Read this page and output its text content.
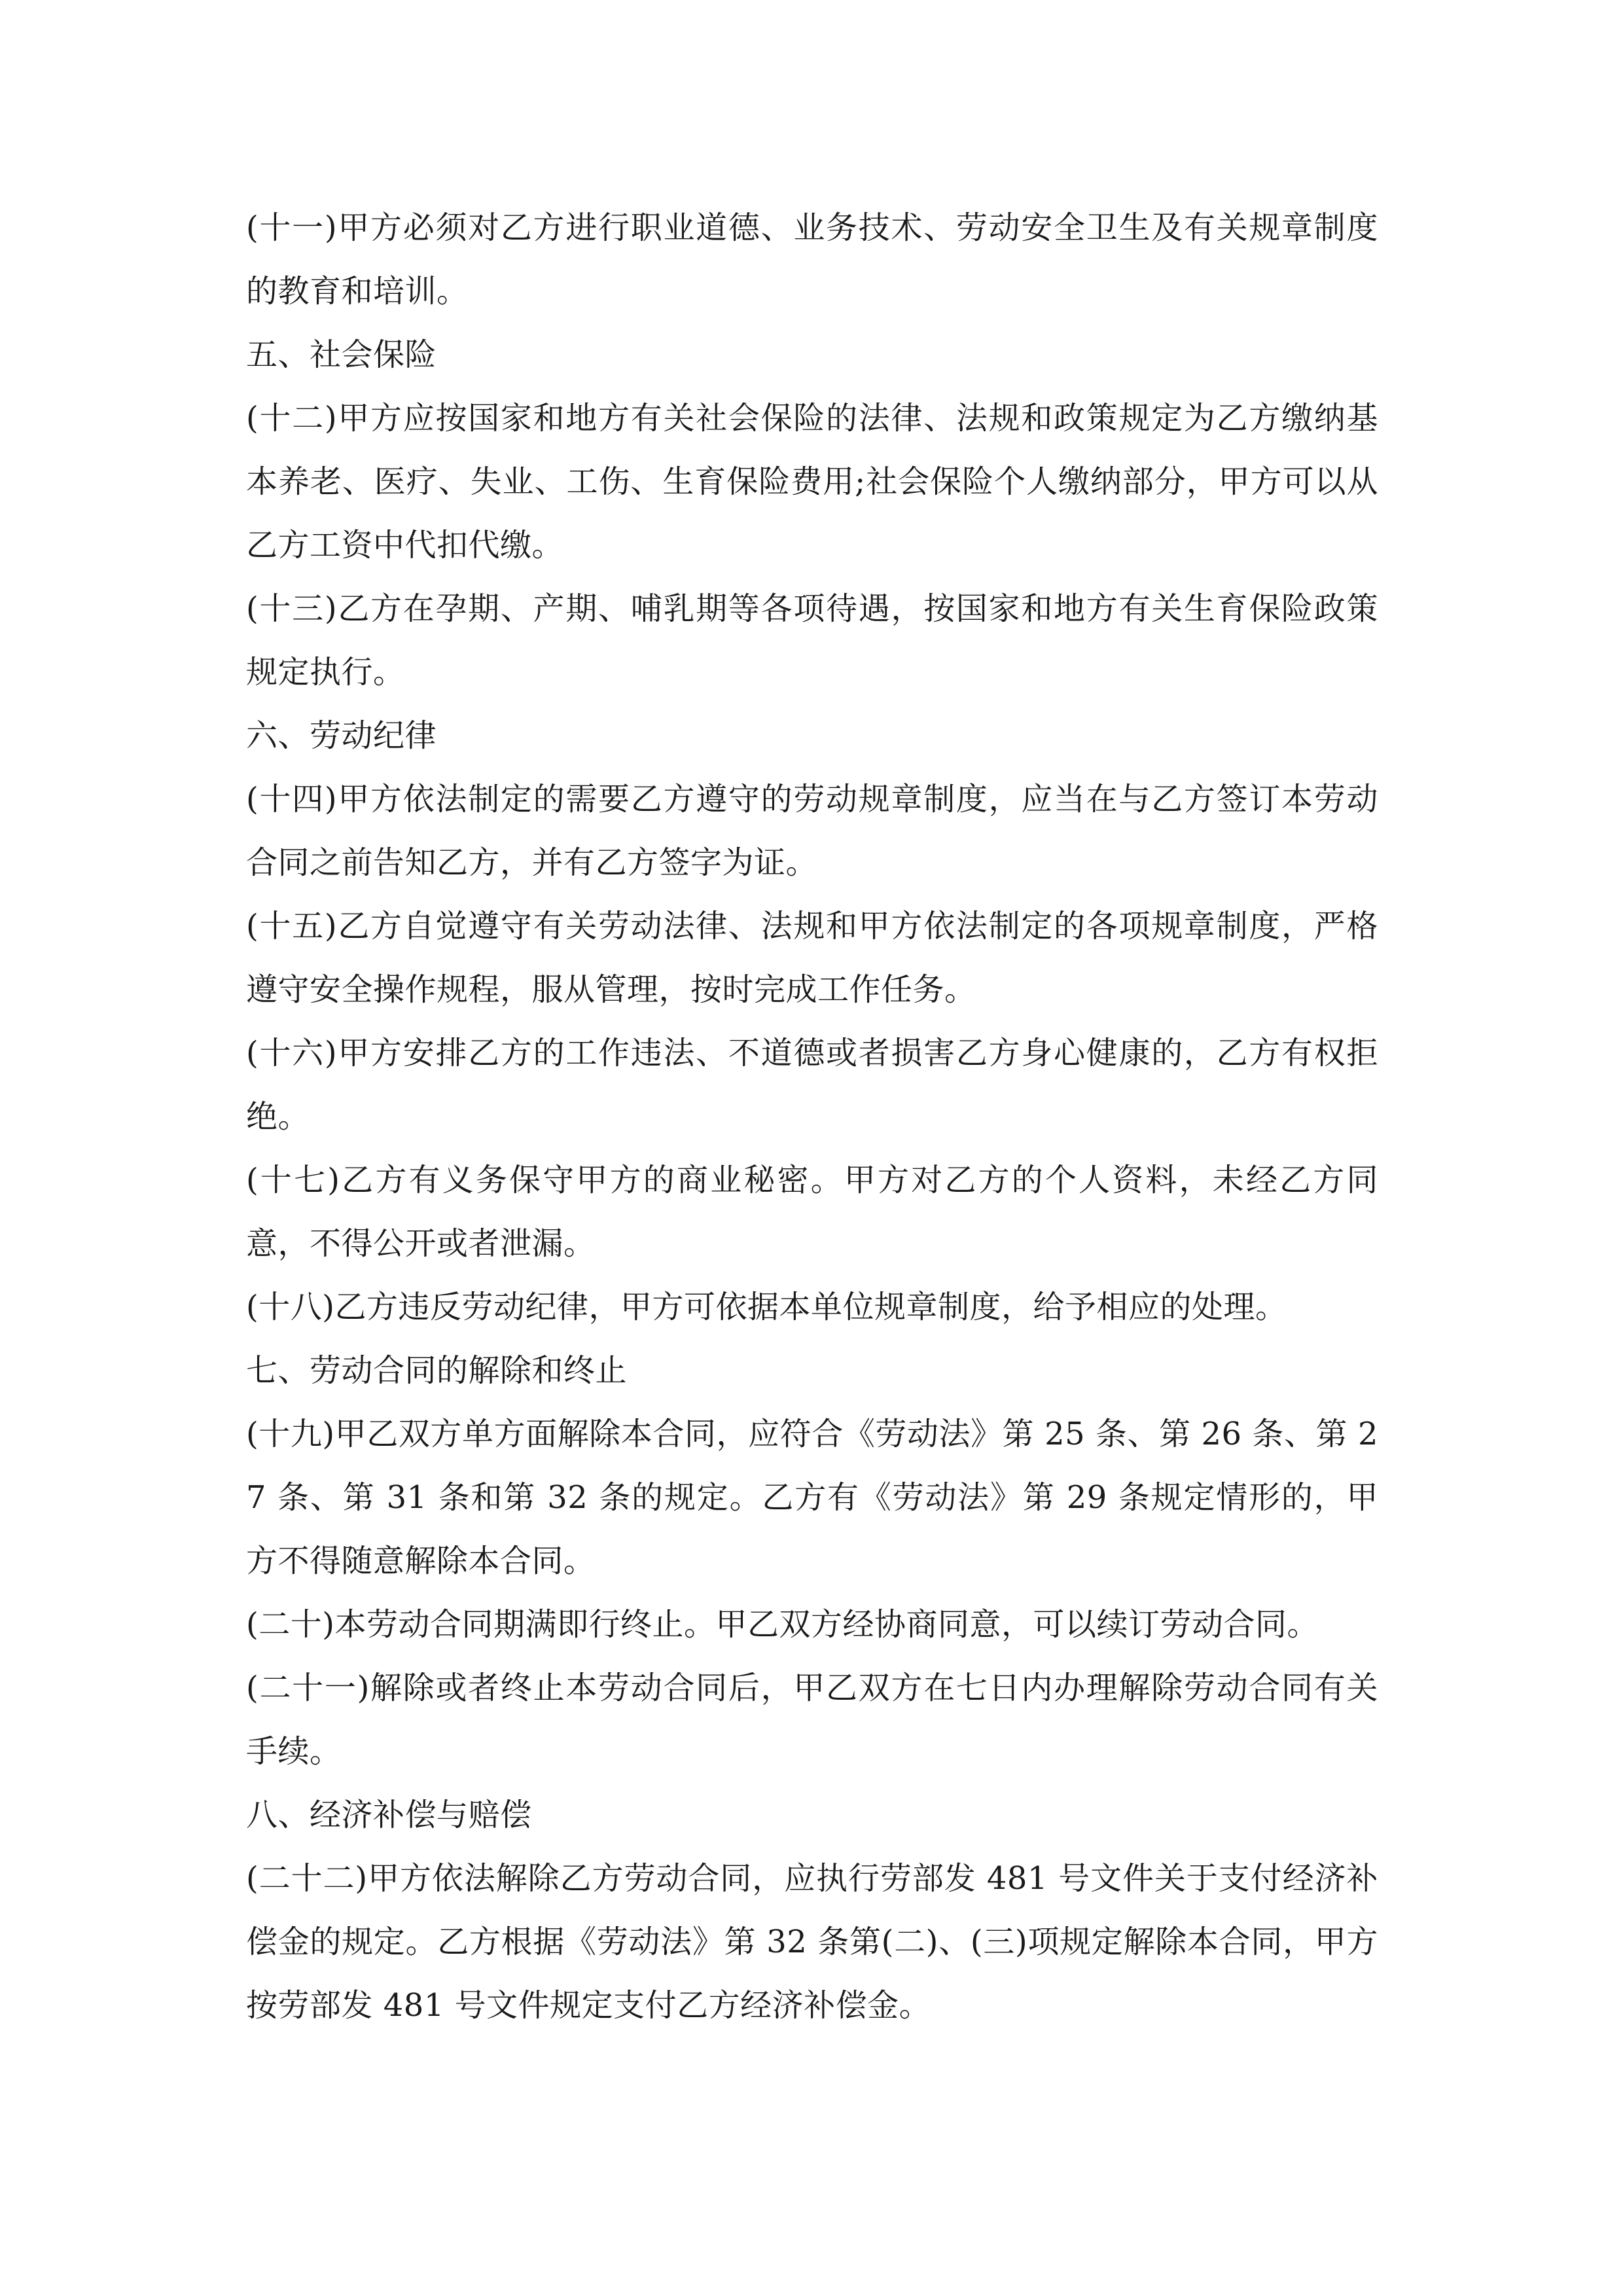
(十一)甲方必须对乙方进行职业道德、业务技术、劳动安全卫生及有关规章制度的教育和培训。

五、社会保险

(十二)甲方应按国家和地方有关社会保险的法律、法规和政策规定为乙方缴纳基本养老、医疗、失业、工伤、生育保险费用;社会保险个人缴纳部分，甲方可以从乙方工资中代扣代缴。

(十三)乙方在孕期、产期、哺乳期等各项待遇，按国家和地方有关生育保险政策规定执行。

六、劳动纪律

(十四)甲方依法制定的需要乙方遵守的劳动规章制度，应当在与乙方签订本劳动合同之前告知乙方，并有乙方签字为证。

(十五)乙方自觉遵守有关劳动法律、法规和甲方依法制定的各项规章制度，严格遵守安全操作规程，服从管理，按时完成工作任务。

(十六)甲方安排乙方的工作违法、不道德或者损害乙方身心健康的，乙方有权拒绝。

(十七)乙方有义务保守甲方的商业秘密。甲方对乙方的个人资料，未经乙方同意，不得公开或者泄漏。

(十八)乙方违反劳动纪律，甲方可依据本单位规章制度，给予相应的处理。

七、劳动合同的解除和终止

(十九)甲乙双方单方面解除本合同，应符合《劳动法》第 25 条、第 26 条、第 27 条、第 31 条和第 32 条的规定。乙方有《劳动法》第 29 条规定情形的，甲方不得随意解除本合同。

(二十)本劳动合同期满即行终止。甲乙双方经协商同意，可以续订劳动合同。

(二十一)解除或者终止本劳动合同后，甲乙双方在七日内办理解除劳动合同有关手续。

八、经济补偿与赔偿

(二十二)甲方依法解除乙方劳动合同，应执行劳部发 481 号文件关于支付经济补偿金的规定。乙方根据《劳动法》第 32 条第(二)、(三)项规定解除本合同，甲方按劳部发 481 号文件规定支付乙方经济补偿金。
